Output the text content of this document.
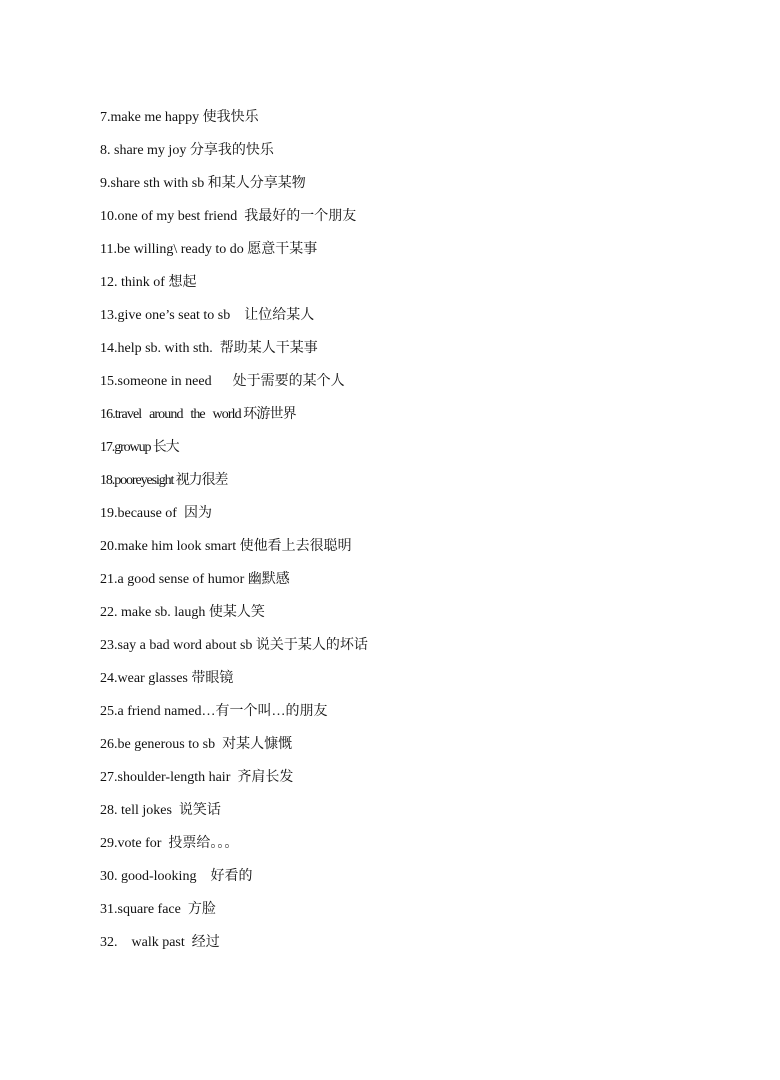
7.make me happy 使我快乐
8. share my joy 分享我的快乐
9.share sth with sb 和某人分享某物
10.one of my best friend  我最好的一个朋友
11.be willing\ ready to do 愿意干某事
12. think of 想起
13.give one’s seat to sb    让位给某人
14.help sb. with sth.  帮助某人干某事
15.someone in need      处于需要的某个人
16.travel   around   the   world 环游世界
17.growup 长大
18.pooreyesight 视力很差
19.because of  因为
20.make him look smart 使他看上去很聪明
21.a good sense of humor 幽默感
22. make sb. laugh 使某人笑
23.say a bad word about sb 说关于某人的坏话
24.wear glasses 带眼镜
25.a friend named…有一个叫…的朋友
26.be generous to sb  对某人慷慨
27.shoulder-length hair  齐肩长发
28. tell jokes  说笑话
29.vote for  投票给。。。
30. good-looking    好看的
31.square face  方脸
32.    walk past  经过
